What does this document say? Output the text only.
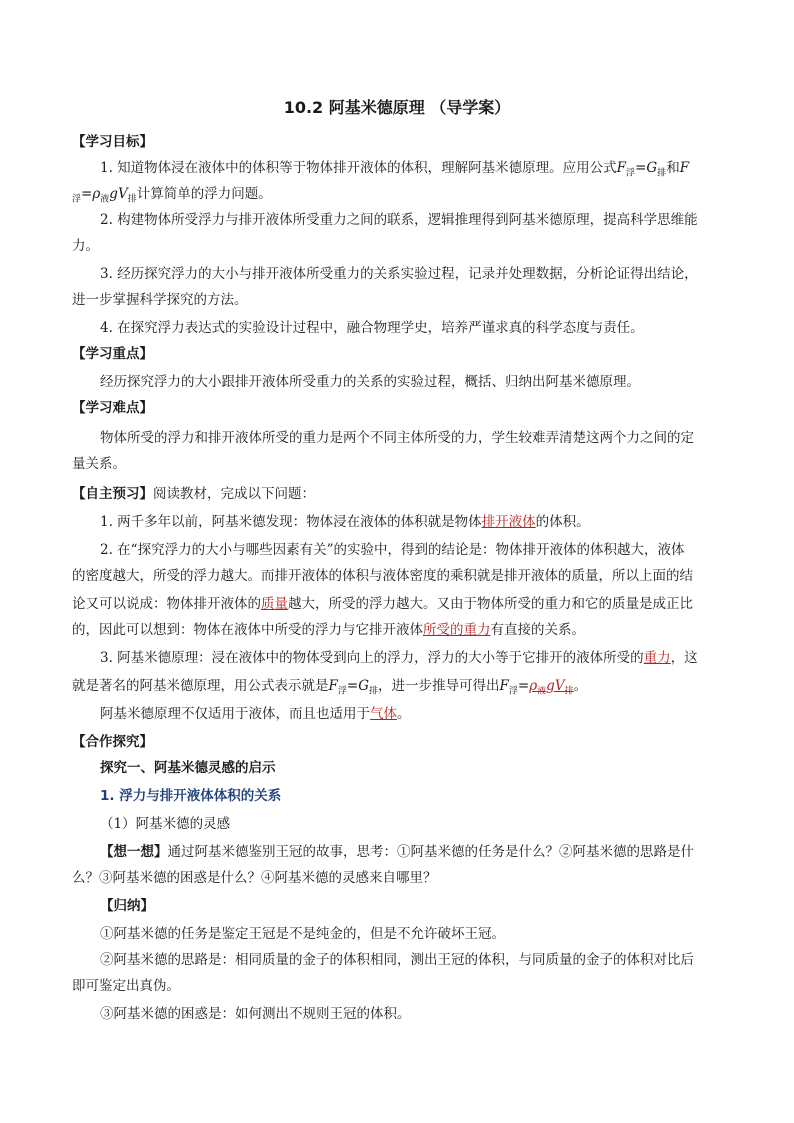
10.2 阿基米德原理 （导学案）
【学习目标】
1. 知道物体浸在液体中的体积等于物体排开液体的体积，理解阿基米德原理。应用公式$F_浮=G_排$和F
$_浮=\rho_液gV_排$计算简单的浮力问题。
2. 构建物体所受浮力与排开液体所受重力之间的联系，逻辑推理得到阿基米德原理，提高科学思维能
力。
3. 经历探究浮力的大小与排开液体所受重力的关系实验过程，记录并处理数据，分析论证得出结论，
进一步掌握科学探究的方法。
4. 在探究浮力表达式的实验设计过程中，融合物理学史，培养严谨求真的科学态度与责任。
【学习重点】
经历探究浮力的大小跟排开液体所受重力的关系的实验过程，概括、归纳出阿基米德原理。
【学习难点】
物体所受的浮力和排开液体所受的重力是两个不同主体所受的力，学生较难弄清楚这两个力之间的定
量关系。
【自主预习】阅读教材，完成以下问题：
1. 两千多年以前，阿基米德发现：物体浸在液体的体积就是物体排开液体的体积。
2. 在“探究浮力的大小与哪些因素有关”的实验中，得到的结论是：物体排开液体的体积越大，液体
的密度越大，所受的浮力越大。而排开液体的体积与液体密度的乘积就是排开液体的质量，所以上面的结
论又可以说成：物体排开液体的质量越大，所受的浮力越大。又由于物体所受的重力和它的质量是成正比
的，因此可以想到：物体在液体中所受的浮力与它排开液体所受的重力有直接的关系。
3. 阿基米德原理：浸在液体中的物体受到向上的浮力，浮力的大小等于它排开的液体所受的重力，这
就是著名的阿基米德原理，用公式表示就是$F_浮=G_排$，进一步推导可得出$F_浮=\rho_液gV_排$。
阿基米德原理不仅适用于液体，而且也适用于气体。
【合作探究】
探究一、阿基米德灵感的启示
1. 浮力与排开液体体积的关系
（1）阿基米德的灵感
【想一想】通过阿基米德鉴别王冠的故事，思考：①阿基米德的任务是什么？②阿基米德的思路是什
么？③阿基米德的困惑是什么？④阿基米德的灵感来自哪里？
【归纳】
①阿基米德的任务是鉴定王冠是不是纯金的，但是不允许破坏王冠。
②阿基米德的思路是：相同质量的金子的体积相同，测出王冠的体积，与同质量的金子的体积对比后
即可鉴定出真伪。
③阿基米德的困惑是：如何测出不规则王冠的体积。
